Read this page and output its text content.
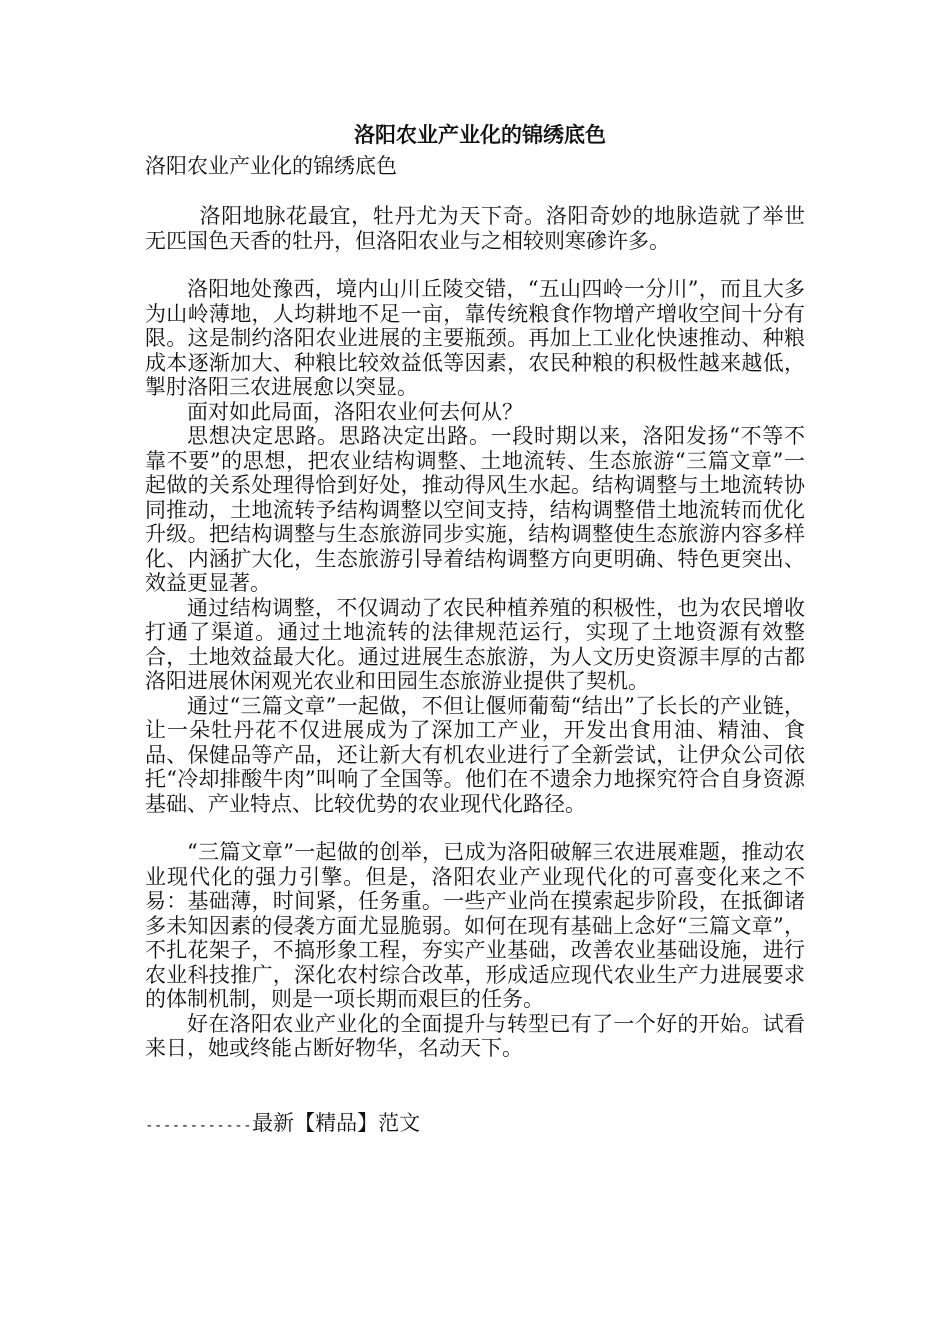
洛阳农业产业化的锦绣底色
洛阳农业产业化的锦绣底色

洛阳地脉花最宜，牡丹尤为天下奇。洛阳奇妙的地脉造就了举世无匹国色天香的牡丹，但洛阳农业与之相较则寒碜许多。

洛阳地处豫西，境内山川丘陵交错，“五山四岭一分川”，而且大多为山岭薄地，人均耕地不足一亩，靠传统粮食作物增产增收空间十分有限。这是制约洛阳农业进展的主要瓶颈。再加上工业化快速推动、种粮成本逐渐加大、种粮比较效益低等因素，农民种粮的积极性越来越低，掣肘洛阳三农进展愈以突显。

面对如此局面，洛阳农业何去何从？

思想决定思路。思路决定出路。一段时期以来，洛阳发扬“不等不靠不要”的思想，把农业结构调整、土地流转、生态旅游“三篇文章”一起做的关系处理得恰到好处，推动得风生水起。结构调整与土地流转协同推动，土地流转予结构调整以空间支持，结构调整借土地流转而优化升级。把结构调整与生态旅游同步实施，结构调整使生态旅游内容多样化、内涵扩大化，生态旅游引导着结构调整方向更明确、特色更突出、效益更显著。

通过结构调整，不仅调动了农民种植养殖的积极性，也为农民增收打通了渠道。通过土地流转的法律规范运行，实现了土地资源有效整合，土地效益最大化。通过进展生态旅游，为人文历史资源丰厚的古都洛阳进展休闲观光农业和田园生态旅游业提供了契机。

通过“三篇文章”一起做，不但让偃师葡萄“结出”了长长的产业链，让一朵牡丹花不仅进展成为了深加工产业，开发出食用油、精油、食品、保健品等产品，还让新大有机农业进行了全新尝试，让伊众公司依托“冷却排酸牛肉”叫响了全国等。他们在不遗余力地探究符合自身资源基础、产业特点、比较优势的农业现代化路径。

“三篇文章”一起做的创举，已成为洛阳破解三农进展难题，推动农业现代化的强力引擎。但是，洛阳农业产业现代化的可喜变化来之不易：基础薄，时间紧，任务重。一些产业尚在摸索起步阶段，在抵御诸多未知因素的侵袭方面尤显脆弱。如何在现有基础上念好“三篇文章”，不扎花架子，不搞形象工程，夯实产业基础，改善农业基础设施，进行农业科技推广，深化农村综合改革，形成适应现代农业生产力进展要求的体制机制，则是一项长期而艰巨的任务。

好在洛阳农业产业化的全面提升与转型已有了一个好的开始。试看来日，她或终能占断好物华，名动天下。

------------最新【精品】范文
